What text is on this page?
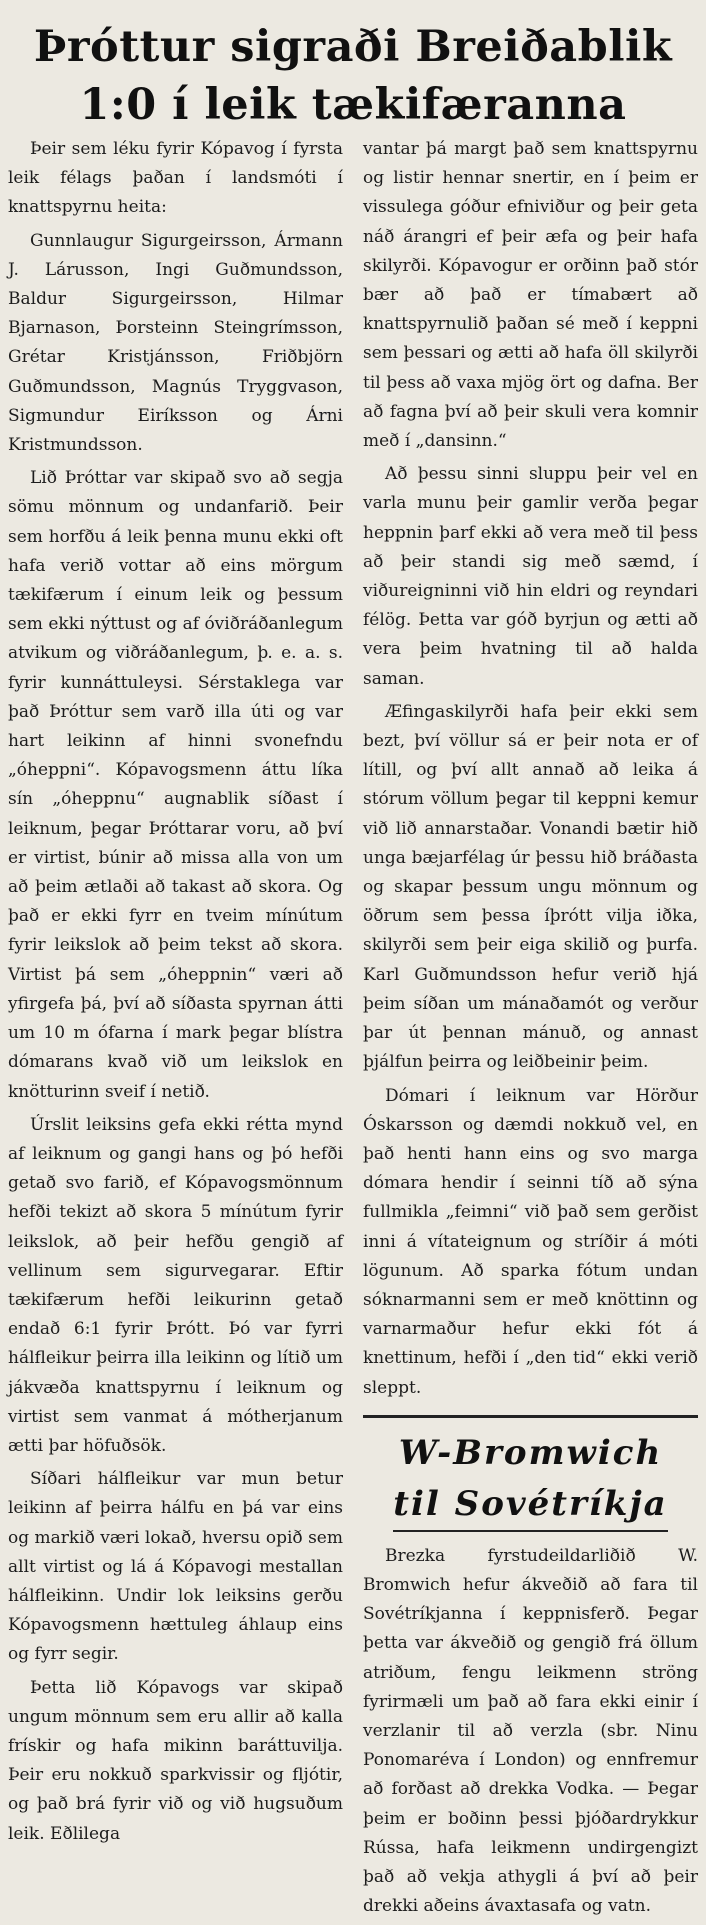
Þróttur sigraði Breiðablik
1:0 í leik tækifæranna

Þeir sem léku fyrir Kópavog í fyrsta leik félags þaðan í landsmóti í knattspyrnu heita:

Gunnlaugur Sigurgeirsson, Ármann J. Lárusson, Ingi Guðmundsson, Baldur Sigurgeirsson, Hilmar Bjarnason, Þorsteinn Steingrímsson, Grétar Kristjánsson, Friðbjörn Guðmundsson, Magnús Tryggvason, Sigmundur Eiríksson og Árni Kristmundsson.

Lið Þróttar var skipað svo að segja sömu mönnum og undanfarið. Þeir sem horfðu á leik þenna munu ekki oft hafa verið vottar að eins mörgum tækifærum í einum leik og þessum sem ekki nýttust og af óviðráðanlegum atvikum og viðráðanlegum, þ. e. a. s. fyrir kunnáttuleysi. Sérstaklega var það Þróttur sem varð illa úti og var hart leikinn af hinni svonefndu „óheppni“. Kópavogsmenn áttu líka sín „óheppnu“ augnablik síðast í leiknum, þegar Þróttarar voru, að því er virtist, búnir að missa alla von um að þeim ætlaði að takast að skora. Og það er ekki fyrr en tveim mínútum fyrir leikslok að þeim tekst að skora. Virtist þá sem „óheppnin“ væri að yfirgefa þá, því að síðasta spyrnan átti um 10 m ófarna í mark þegar blístra dómarans kvað við um leikslok en knötturinn sveif í netið.

Úrslit leiksins gefa ekki rétta mynd af leiknum og gangi hans og þó hefði getað svo farið, ef Kópavogsmönnum hefði tekizt að skora 5 mínútum fyrir leikslok, að þeir hefðu gengið af vellinum sem sigurvegarar. Eftir tækifærum hefði leikurinn getað endað 6:1 fyrir Þrótt. Þó var fyrri hálfleikur þeirra illa leikinn og lítið um jákvæða knattspyrnu í leiknum og virtist sem vanmat á mótherjanum ætti þar höfuðsök.

Síðari hálfleikur var mun betur leikinn af þeirra hálfu en þá var eins og markið væri lokað, hversu opið sem allt virtist og lá á Kópavogi mestallan hálfleikinn. Undir lok leiksins gerðu Kópavogsmenn hættuleg áhlaup eins og fyrr segir.

Þetta lið Kópavogs var skipað ungum mönnum sem eru allir að kalla frískir og hafa mikinn baráttuvilja. Þeir eru nokkuð sparkvissir og fljótir, og það brá fyrir við og við hugsuðum leik. Eðlilega

vantar þá margt það sem knattspyrnu og listir hennar snertir, en í þeim er vissulega góður efniviður og þeir geta náð árangri ef þeir æfa og þeir hafa skilyrði. Kópavogur er orðinn það stór bær að það er tímabært að knattspyrnulið þaðan sé með í keppni sem þessari og ætti að hafa öll skilyrði til þess að vaxa mjög ört og dafna. Ber að fagna því að þeir skuli vera komnir með í „dansinn.“

Að þessu sinni sluppu þeir vel en varla munu þeir gamlir verða þegar heppnin þarf ekki að vera með til þess að þeir standi sig með sæmd, í viðureigninni við hin eldri og reyndari félög. Þetta var góð byrjun og ætti að vera þeim hvatning til að halda saman.

Æfingaskilyrði hafa þeir ekki sem bezt, því völlur sá er þeir nota er of lítill, og því allt annað að leika á stórum völlum þegar til keppni kemur við lið annarstaðar. Vonandi bætir hið unga bæjarfélag úr þessu hið bráðasta og skapar þessum ungu mönnum og öðrum sem þessa íþrótt vilja iðka, skilyrði sem þeir eiga skilið og þurfa. Karl Guðmundsson hefur verið hjá þeim síðan um mánaðamót og verður þar út þennan mánuð, og annast þjálfun þeirra og leiðbeinir þeim.

Dómari í leiknum var Hörður Óskarsson og dæmdi nokkuð vel, en það henti hann eins og svo marga dómara hendir í seinni tíð að sýna fullmikla „feimni“ við það sem gerðist inni á vítateignum og stríðir á móti lögunum. Að sparka fótum undan sóknarmanni sem er með knöttinn og varnarmaður hefur ekki fót á knettinum, hefði í „den tid“ ekki verið sleppt.

W-Bromwich
til Sovétríkja

Brezka fyrstudeildarliðið W. Bromwich hefur ákveðið að fara til Sovétríkjanna í keppnisferð. Þegar þetta var ákveðið og gengið frá öllum atriðum, fengu leikmenn ströng fyrirmæli um það að fara ekki einir í verzlanir til að verzla (sbr. Ninu Ponomaréva í London) og ennfremur að forðast að drekka Vodka. — Þegar þeim er boðinn þessi þjóðardrykkur Rússa, hafa leikmenn undirgengizt það að vekja athygli á því að þeir drekki aðeins ávaxtasafa og vatn.
